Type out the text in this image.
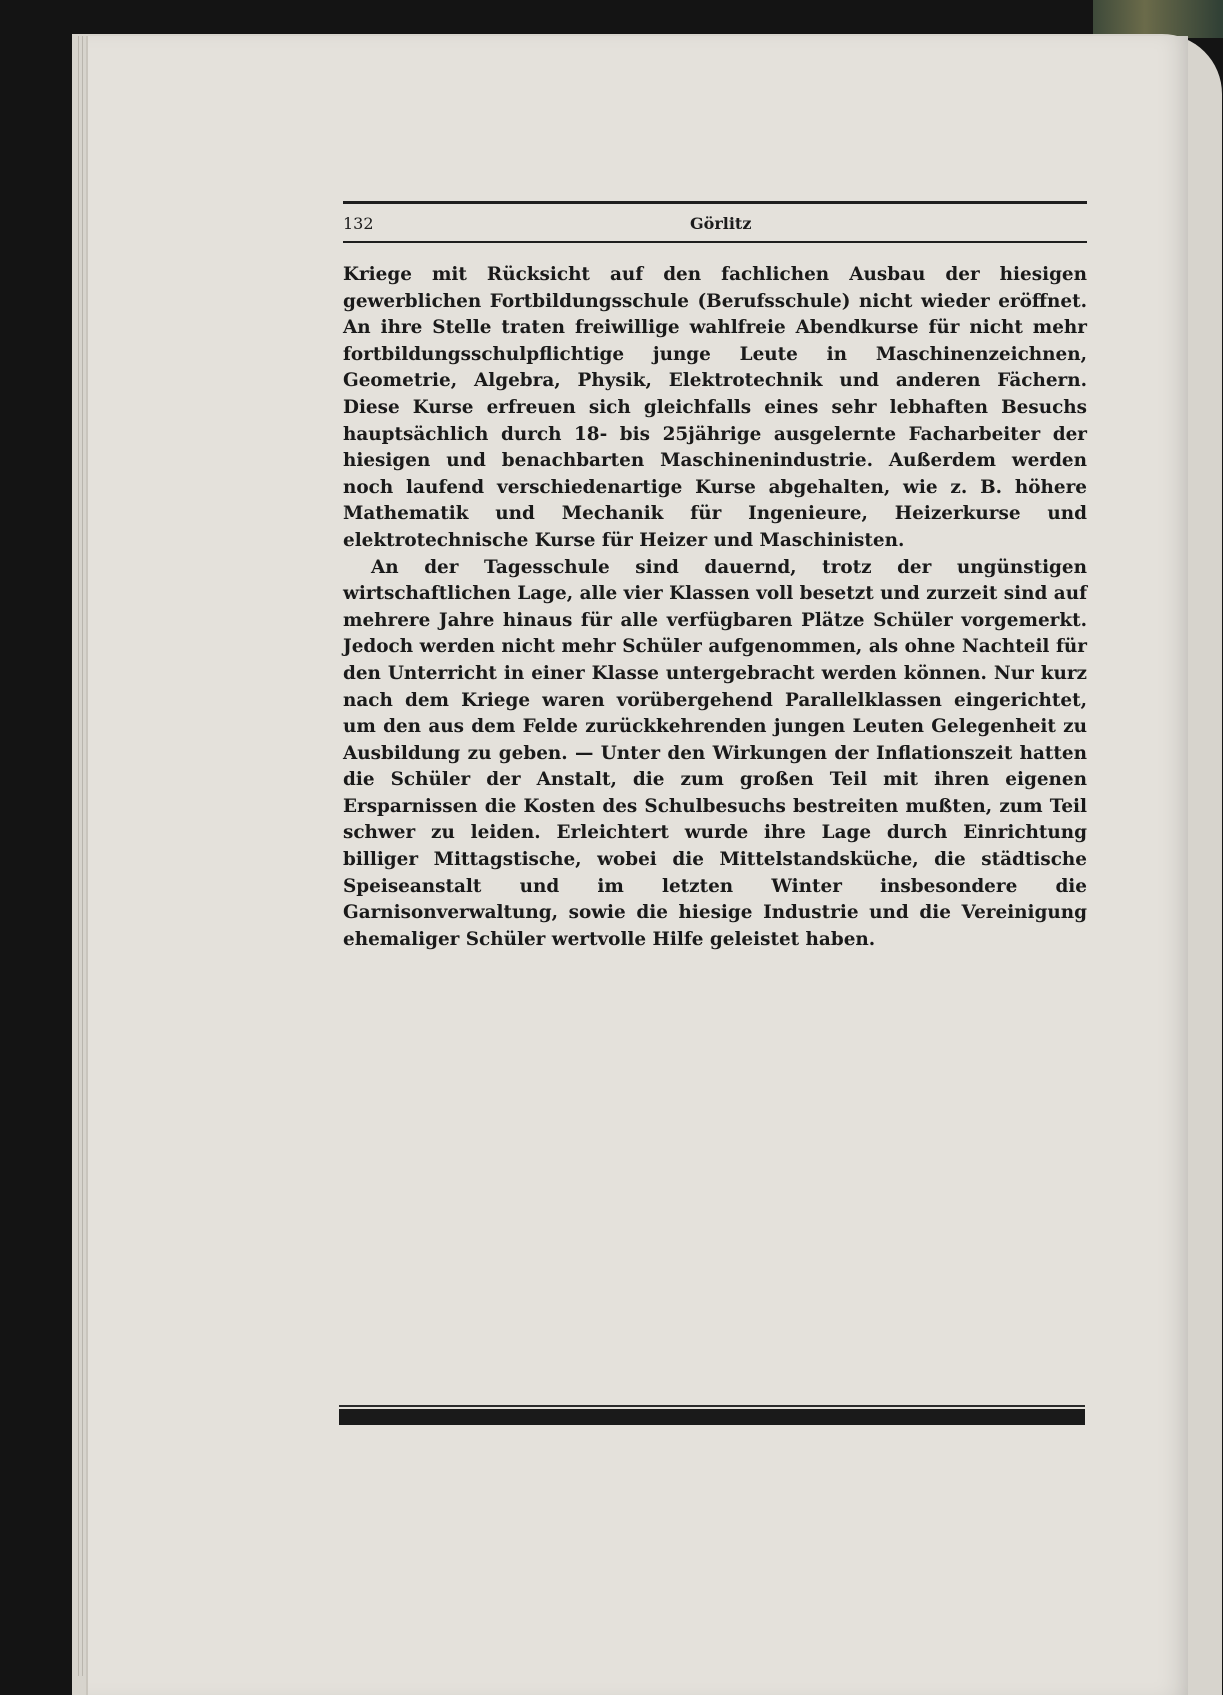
132	Görlitz

Kriege mit Rücksicht auf den fachlichen Ausbau der hiesigen gewerblichen Fortbildungsschule (Berufsschule) nicht wieder eröffnet. An ihre Stelle traten freiwillige wahlfreie Abendkurse für nicht mehr fortbildungsschulpflichtige junge Leute in Maschinenzeichnen, Geometrie, Algebra, Physik, Elektrotechnik und anderen Fächern. Diese Kurse erfreuen sich gleichfalls eines sehr lebhaften Besuchs hauptsächlich durch 18- bis 25jährige ausgelernte Facharbeiter der hiesigen und benachbarten Maschinenindustrie. Außerdem werden noch laufend verschiedenartige Kurse abgehalten, wie z. B. höhere Mathematik und Mechanik für Ingenieure, Heizerkurse und elektrotechnische Kurse für Heizer und Maschinisten.

An der Tagesschule sind dauernd, trotz der ungünstigen wirtschaftlichen Lage, alle vier Klassen voll besetzt und zurzeit sind auf mehrere Jahre hinaus für alle verfügbaren Plätze Schüler vorgemerkt. Jedoch werden nicht mehr Schüler aufgenommen, als ohne Nachteil für den Unterricht in einer Klasse untergebracht werden können. Nur kurz nach dem Kriege waren vorübergehend Parallelklassen eingerichtet, um den aus dem Felde zurückkehrenden jungen Leuten Gelegenheit zu Ausbildung zu geben. — Unter den Wirkungen der Inflationszeit hatten die Schüler der Anstalt, die zum großen Teil mit ihren eigenen Ersparnissen die Kosten des Schulbesuchs bestreiten mußten, zum Teil schwer zu leiden. Erleichtert wurde ihre Lage durch Einrichtung billiger Mittagstische, wobei die Mittelstandsküche, die städtische Speiseanstalt und im letzten Winter insbesondere die Garnisonverwaltung, sowie die hiesige Industrie und die Vereinigung ehemaliger Schüler wertvolle Hilfe geleistet haben.
